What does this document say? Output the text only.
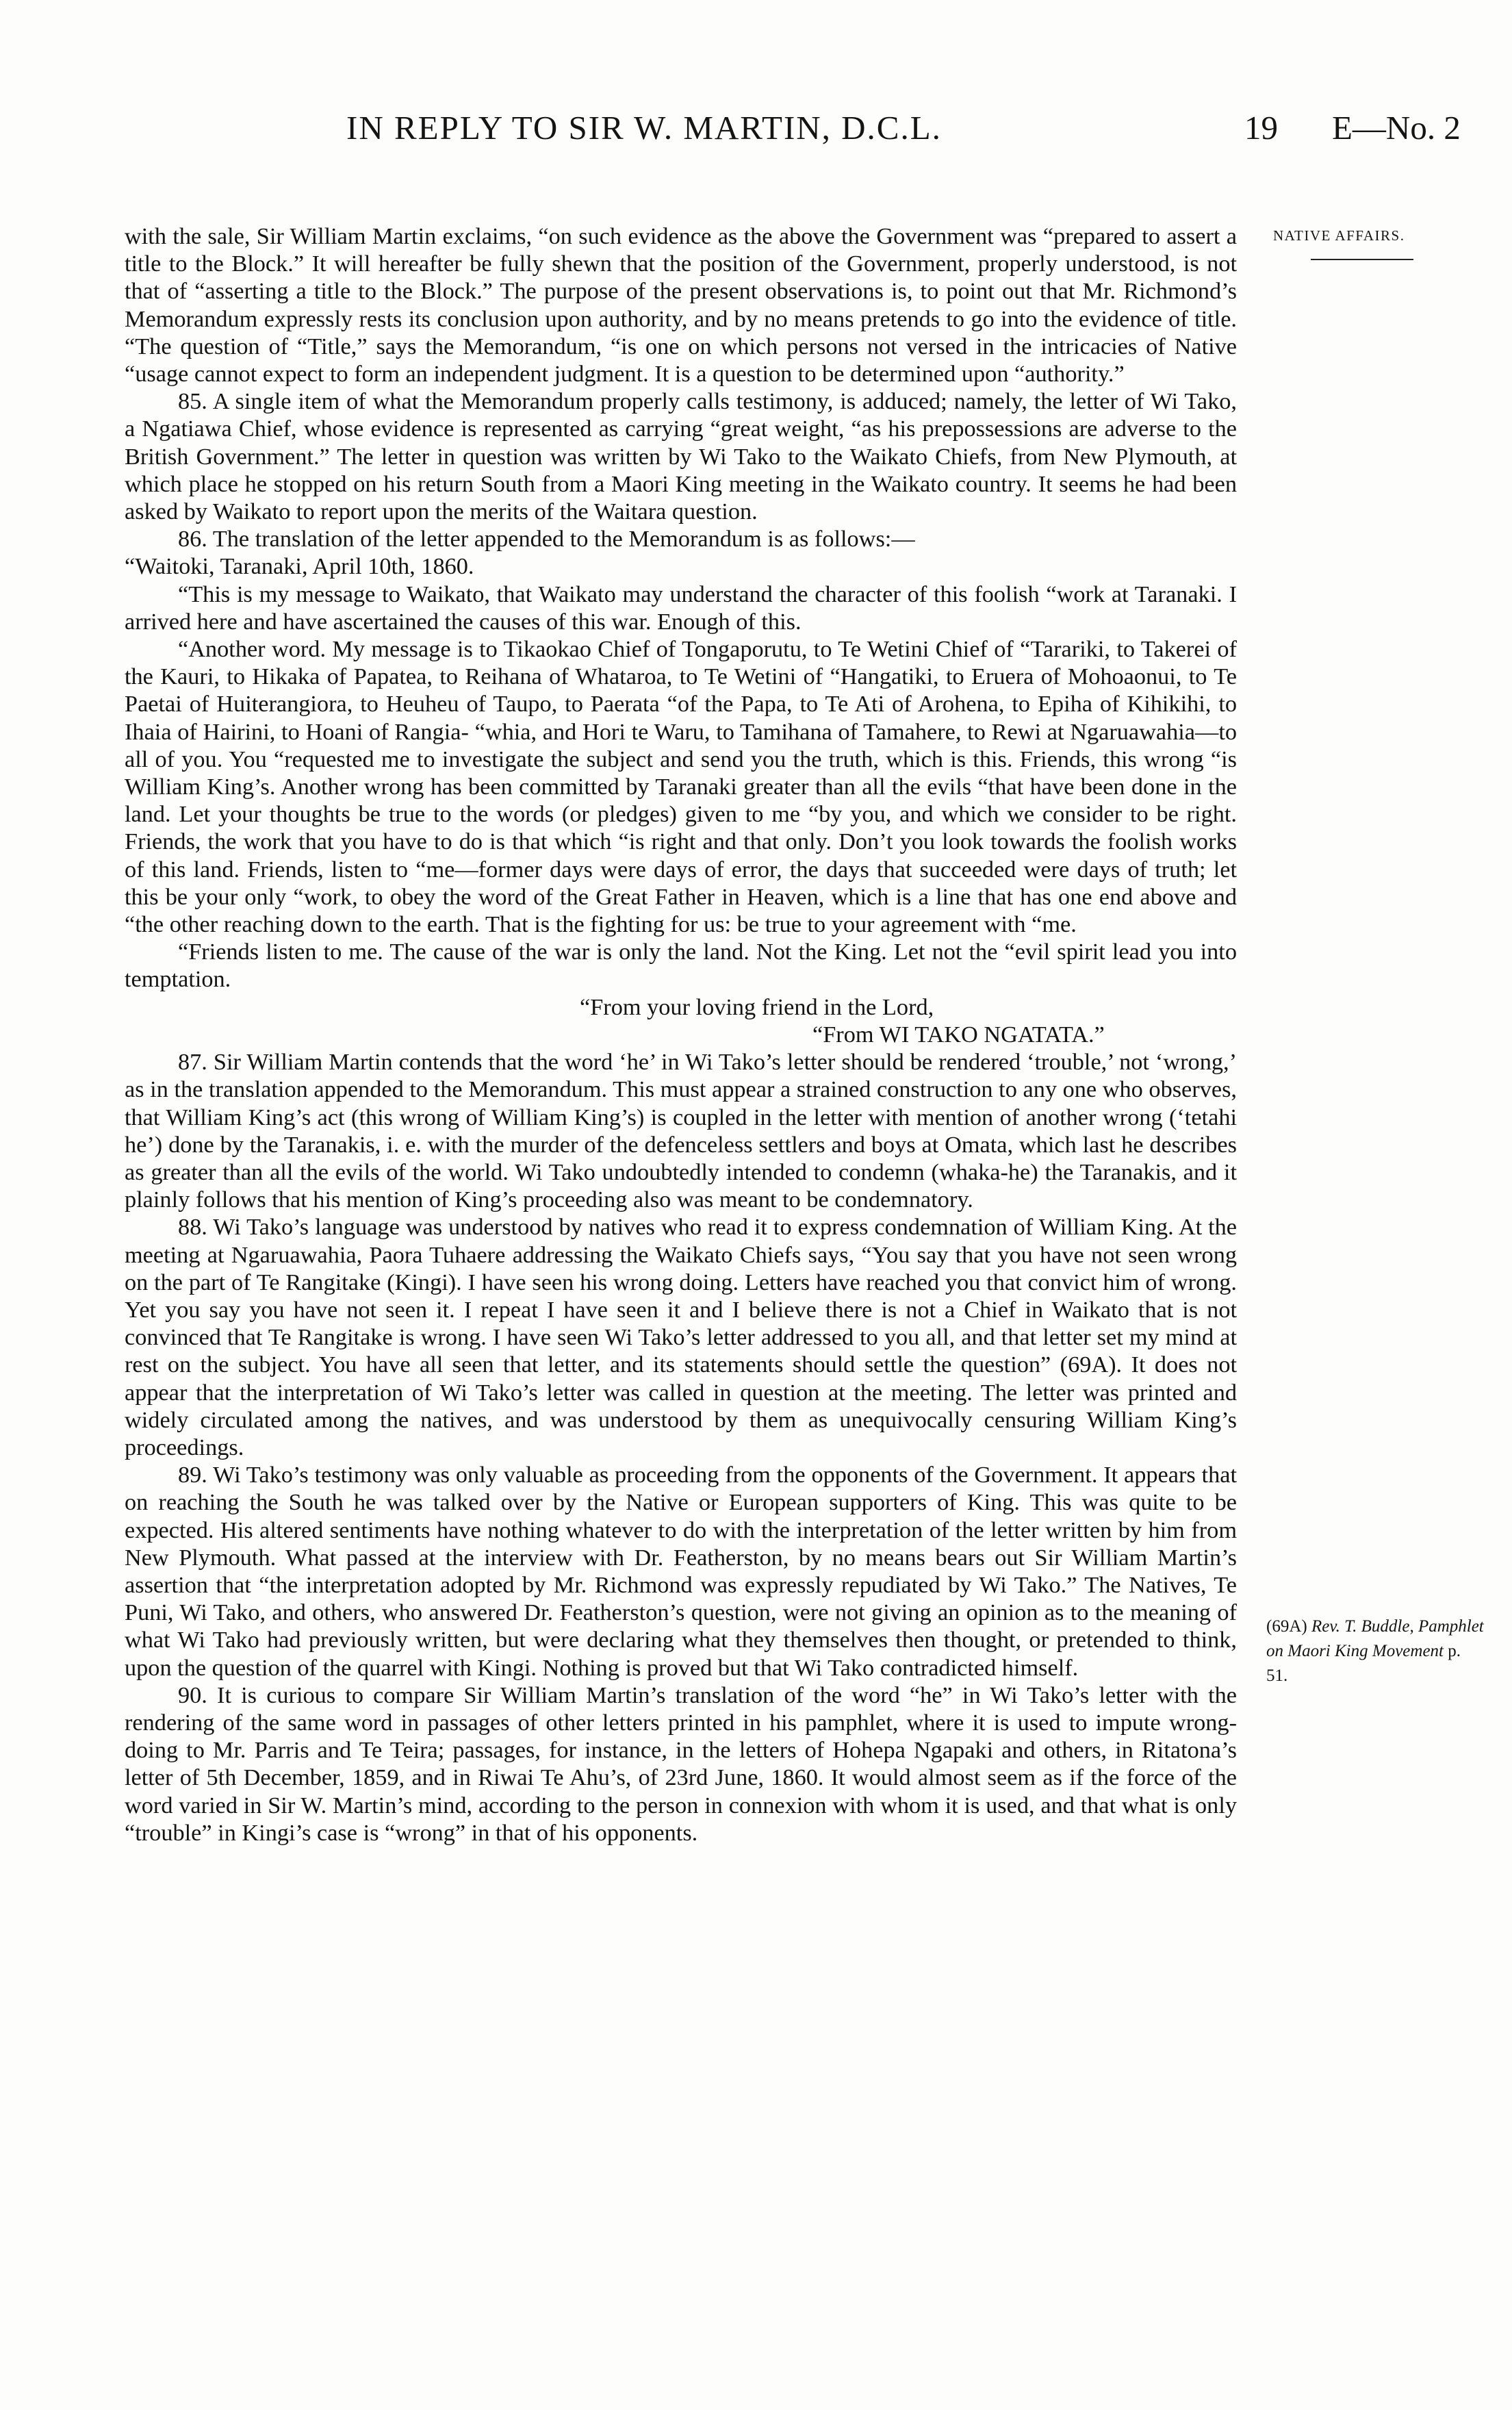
IN REPLY TO SIR W. MARTIN, D.C.L.	19 E—No. 2
NATIVE AFFAIRS.

with the sale, Sir William Martin exclaims, “on such evidence as the above the Government was “prepared to assert a title to the Block.” It will hereafter be fully shewn that the position of the Government, properly understood, is not that of “asserting a title to the Block.” The purpose of the present observations is, to point out that Mr. Richmond’s Memorandum expressly rests its conclusion upon authority, and by no means pretends to go into the evidence of title. “The question of “Title,” says the Memorandum, “is one on which persons not versed in the intricacies of Native “usage cannot expect to form an independent judgment. It is a question to be determined upon “authority.”

85. A single item of what the Memorandum properly calls testimony, is adduced; namely, the letter of Wi Tako, a Ngatiawa Chief, whose evidence is represented as carrying “great weight, “as his prepossessions are adverse to the British Government.” The letter in question was written by Wi Tako to the Waikato Chiefs, from New Plymouth, at which place he stopped on his return South from a Maori King meeting in the Waikato country. It seems he had been asked by Waikato to report upon the merits of the Waitara question.

86. The translation of the letter appended to the Memorandum is as follows:—

“Waitoki, Taranaki, April 10th, 1860.

“This is my message to Waikato, that Waikato may understand the character of this foolish “work at Taranaki. I arrived here and have ascertained the causes of this war. Enough of this.

“Another word. My message is to Tikaokao Chief of Tongaporutu, to Te Wetini Chief of “Tarariki, to Takerei of the Kauri, to Hikaka of Papatea, to Reihana of Whataroa, to Te Wetini of “Hangatiki, to Eruera of Mohoaonui, to Te Paetai of Huiterangiora, to Heuheu of Taupo, to Paerata “of the Papa, to Te Ati of Arohena, to Epiha of Kihikihi, to Ihaia of Hairini, to Hoani of Rangia- “whia, and Hori te Waru, to Tamihana of Tamahere, to Rewi at Ngaruawahia—to all of you. You “requested me to investigate the subject and send you the truth, which is this. Friends, this wrong “is William King’s. Another wrong has been committed by Taranaki greater than all the evils “that have been done in the land. Let your thoughts be true to the words (or pledges) given to me “by you, and which we consider to be right. Friends, the work that you have to do is that which “is right and that only. Don’t you look towards the foolish works of this land. Friends, listen to “me—former days were days of error, the days that succeeded were days of truth; let this be your only “work, to obey the word of the Great Father in Heaven, which is a line that has one end above and “the other reaching down to the earth. That is the fighting for us: be true to your agreement with “me.

“Friends listen to me. The cause of the war is only the land. Not the King. Let not the “evil spirit lead you into temptation.

“From your loving friend in the Lord,

“From WI TAKO NGATATA.”

87. Sir William Martin contends that the word ‘he’ in Wi Tako’s letter should be rendered ‘trouble,’ not ‘wrong,’ as in the translation appended to the Memorandum. This must appear a strained construction to any one who observes, that William King’s act (this wrong of William King’s) is coupled in the letter with mention of another wrong (‘tetahi he’) done by the Taranakis, i. e. with the murder of the defenceless settlers and boys at Omata, which last he describes as greater than all the evils of the world. Wi Tako undoubtedly intended to condemn (whaka-he) the Taranakis, and it plainly follows that his mention of King’s proceeding also was meant to be condemnatory.

88. Wi Tako’s language was understood by natives who read it to express condemnation of William King. At the meeting at Ngaruawahia, Paora Tuhaere addressing the Waikato Chiefs says, “You say that you have not seen wrong on the part of Te Rangitake (Kingi). I have seen his wrong doing. Letters have reached you that convict him of wrong. Yet you say you have not seen it. I repeat I have seen it and I believe there is not a Chief in Waikato that is not convinced that Te Rangitake is wrong. I have seen Wi Tako’s letter addressed to you all, and that letter set my mind at rest on the subject. You have all seen that letter, and its statements should settle the question” (69A). It does not appear that the interpretation of Wi Tako’s letter was called in question at the meeting. The letter was printed and widely circulated among the natives, and was understood by them as unequivocally censuring William King’s proceedings.

89. Wi Tako’s testimony was only valuable as proceeding from the opponents of the Government. It appears that on reaching the South he was talked over by the Native or European supporters of King. This was quite to be expected. His altered sentiments have nothing whatever to do with the interpretation of the letter written by him from New Plymouth. What passed at the interview with Dr. Featherston, by no means bears out Sir William Martin’s assertion that “the interpretation adopted by Mr. Richmond was expressly repudiated by Wi Tako.” The Natives, Te Puni, Wi Tako, and others, who answered Dr. Featherston’s question, were not giving an opinion as to the meaning of what Wi Tako had previously written, but were declaring what they themselves then thought, or pretended to think, upon the question of the quarrel with Kingi. Nothing is proved but that Wi Tako contradicted himself.

90. It is curious to compare Sir William Martin’s translation of the word “he” in Wi Tako’s letter with the rendering of the same word in passages of other letters printed in his pamphlet, where it is used to impute wrong-doing to Mr. Parris and Te Teira; passages, for instance, in the letters of Hohepa Ngapaki and others, in Ritatona’s letter of 5th December, 1859, and in Riwai Te Ahu’s, of 23rd June, 1860. It would almost seem as if the force of the word varied in Sir W. Martin’s mind, according to the person in connexion with whom it is used, and that what is only “trouble” in Kingi’s case is “wrong” in that of his opponents.

(69A) Rev. T. Buddle, Pamphlet on Maori King Movement p. 51.
